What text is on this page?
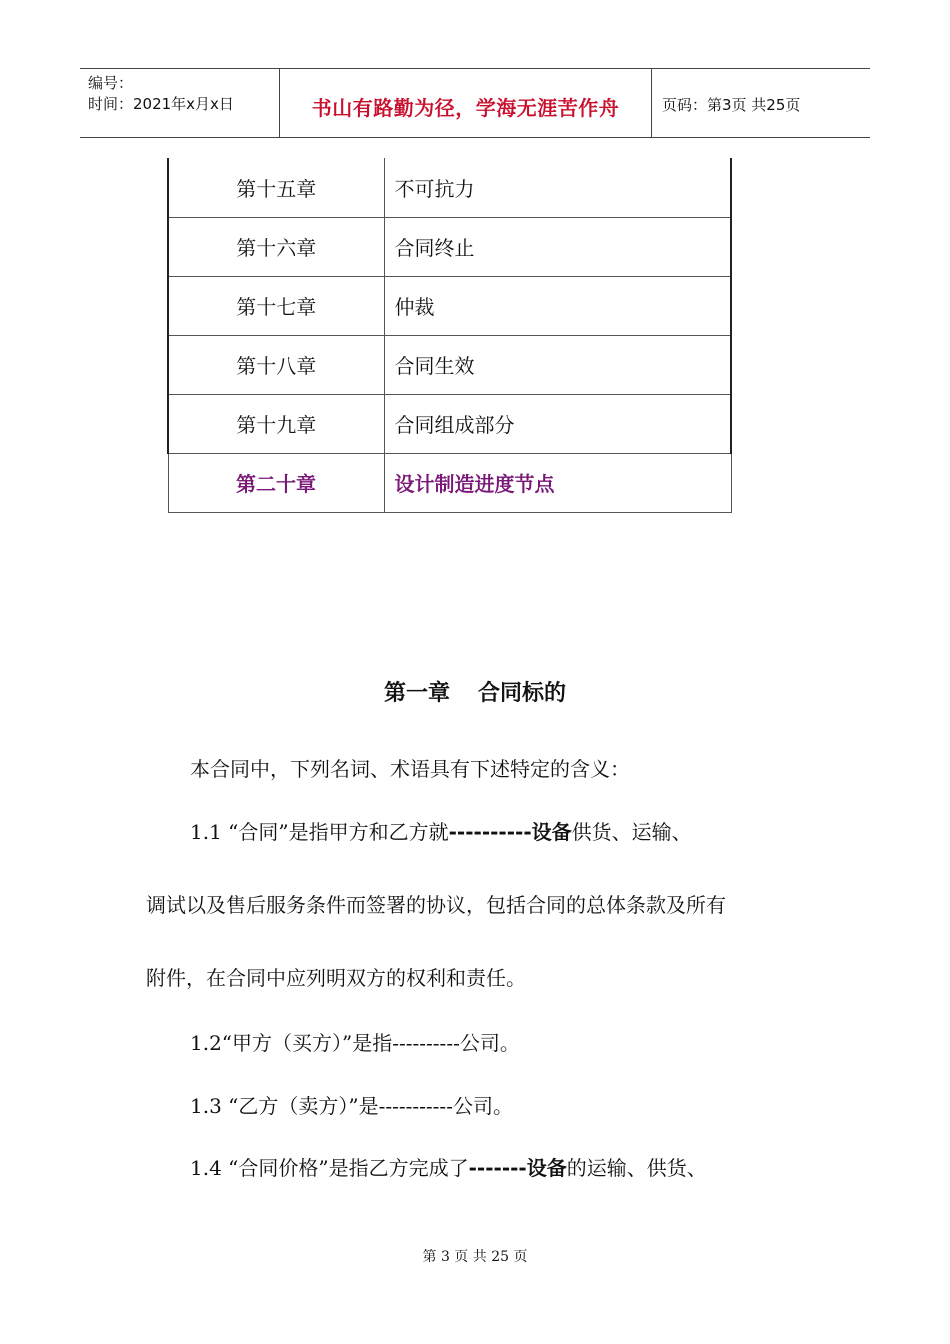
编号：
时间：2021年x月x日	书山有路勤为径，学海无涯苦作舟	页码：第3页 共25页
第十五章	不可抗力
第十六章	合同终止
第十七章	仲裁
第十八章	合同生效
第十九章	合同组成部分
第二十章	设计制造进度节点
第一章 合同标的
本合同中，下列名词、术语具有下述特定的含义：
1.1 “合同”是指甲方和乙方就----------设备供货、运输、
调试以及售后服务条件而签署的协议，包括合同的总体条款及所有
附件，在合同中应列明双方的权利和责任。
1.2“甲方（买方）”是指----------公司。
1.3 “乙方（卖方）”是-----------公司。
1.4 “合同价格”是指乙方完成了-------设备的运输、供货、
第 3 页 共 25 页
